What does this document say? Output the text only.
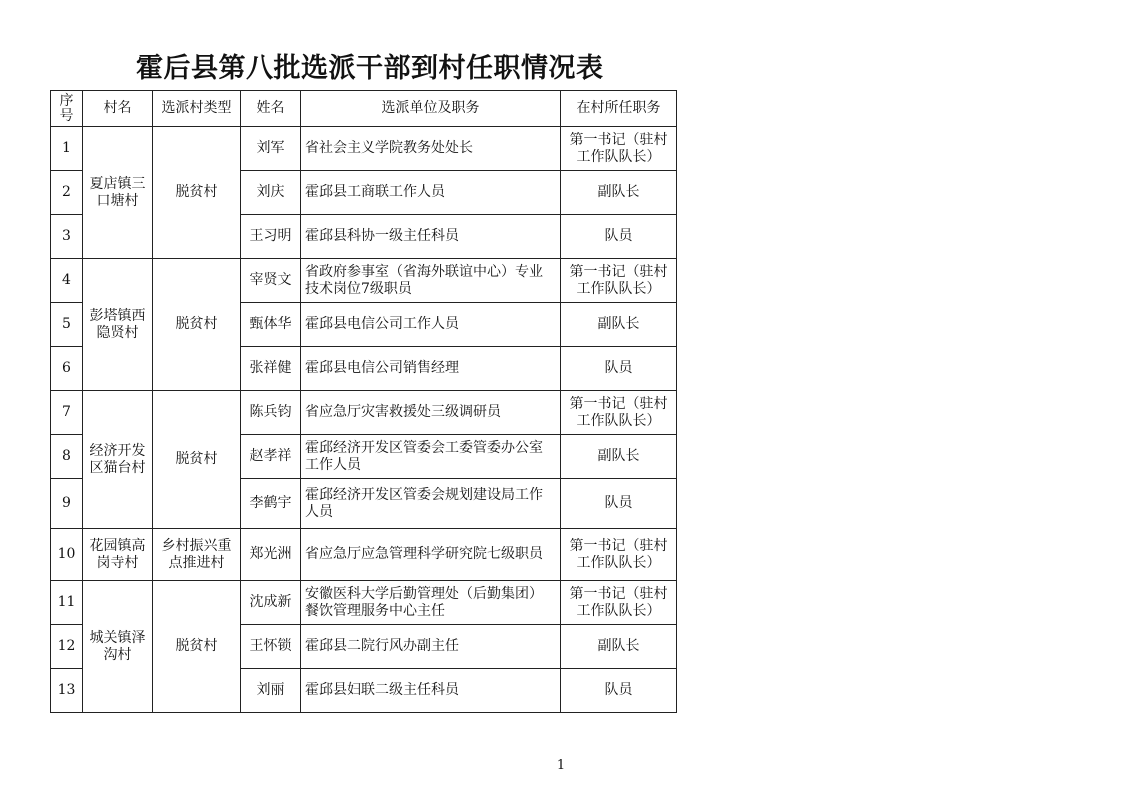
霍后县第八批选派干部到村任职情况表
序号	村名	选派村类型	姓名	选派单位及职务	在村所任职务
1	夏店镇三口塘村	脱贫村	刘军	省社会主义学院教务处处长	第一书记（驻村工作队队长）
2			刘庆	霍邱县工商联工作人员	副队长
3			王习明	霍邱县科协一级主任科员	队员
4	彭塔镇西隐贤村	脱贫村	宰贤文	省政府参事室（省海外联谊中心）专业技术岗位7级职员	第一书记（驻村工作队队长）
5			甄体华	霍邱县电信公司工作人员	副队长
6			张祥健	霍邱县电信公司销售经理	队员
7	经济开发区猫台村	脱贫村	陈兵钧	省应急厅灾害救援处三级调研员	第一书记（驻村工作队队长）
8			赵孝祥	霍邱经济开发区管委会工委管委办公室工作人员	副队长
9			李鹤宇	霍邱经济开发区管委会规划建设局工作人员	队员
10	花园镇高岗寺村	乡村振兴重点推进村	郑光洲	省应急厅应急管理科学研究院七级职员	第一书记（驻村工作队队长）
11	城关镇泽沟村	脱贫村	沈成新	安徽医科大学后勤管理处（后勤集团）餐饮管理服务中心主任	第一书记（驻村工作队队长）
12			王怀锁	霍邱县二院行风办副主任	副队长
13			刘丽	霍邱县妇联二级主任科员	队员
1
